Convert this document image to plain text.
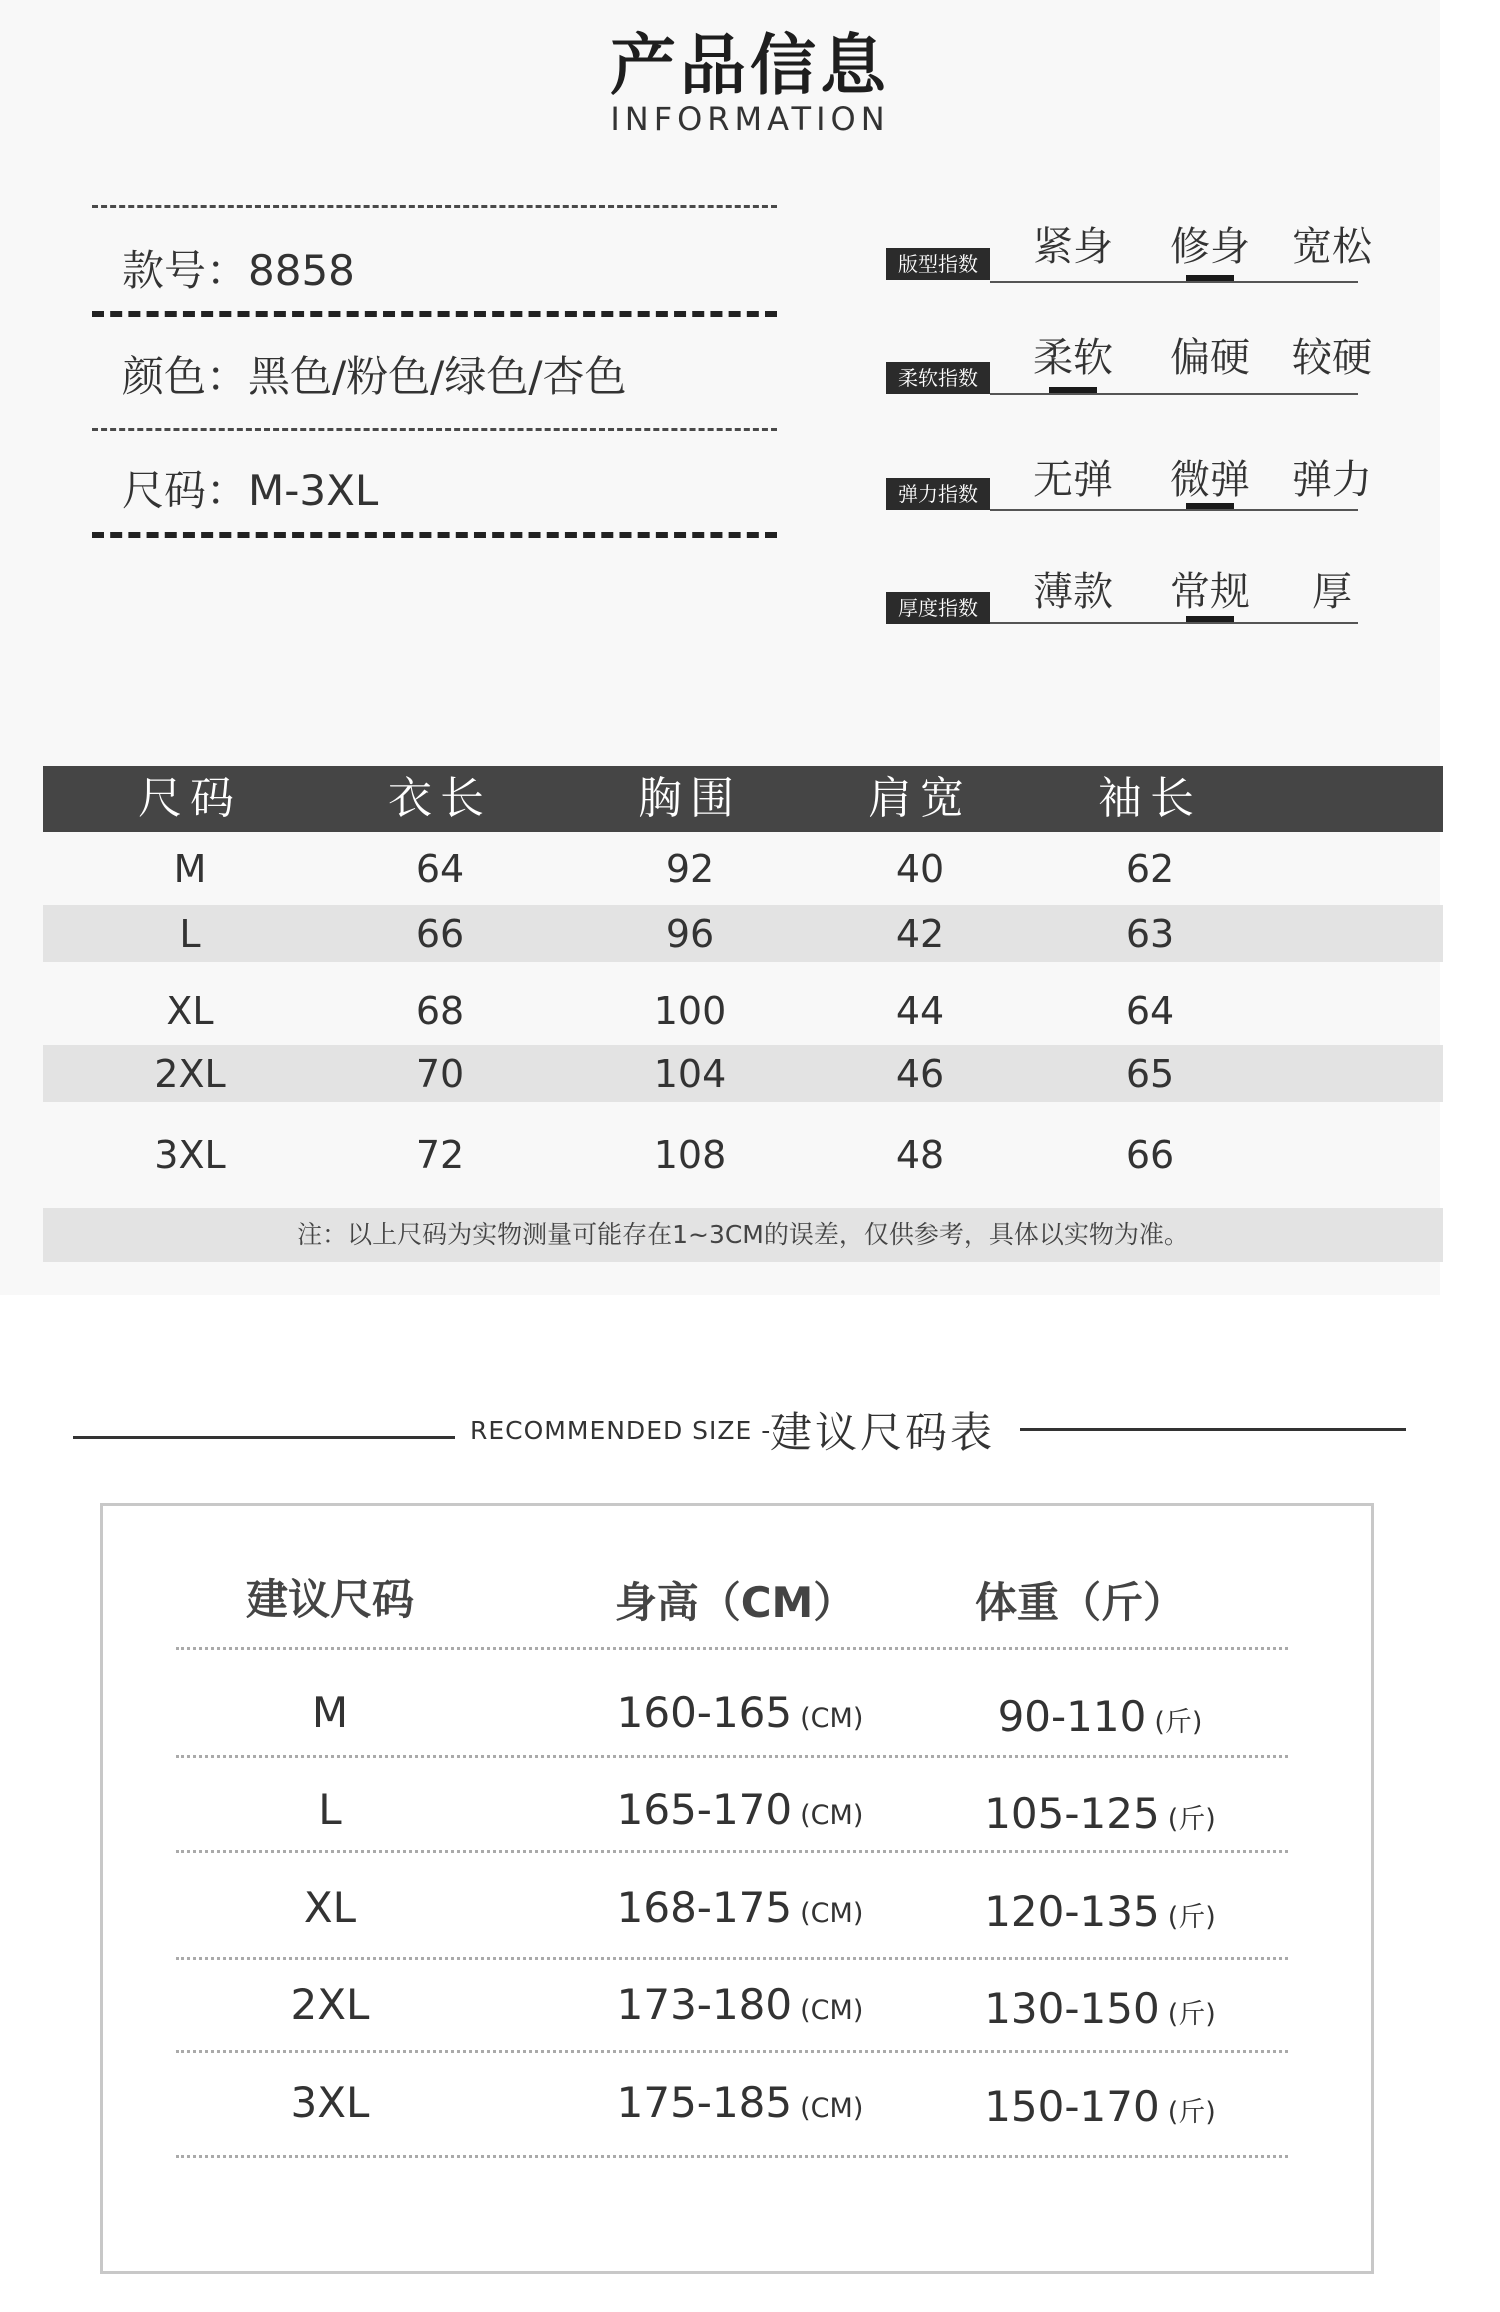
产品信息
INFORMATION
款号：8858
颜色：黑色/粉色/绿色/杏色
尺码：M-3XL
版型指数	紧身	修身	宽松
柔软指数	柔软	偏硬	较硬
弹力指数	无弹	微弹	弹力
厚度指数	薄款	常规	厚
尺码	衣长	胸围	肩宽	袖长
M	64	92	40	62
L	66	96	42	63
XL	68	100	44	64
2XL	70	104	46	65
3XL	72	108	48	66
注：以上尺码为实物测量可能存在1~3CM的误差，仅供参考，具体以实物为准。
RECOMMENDED SIZE -
建议尺码表
建议尺码	身高（CM）	体重（斤）
M	160-165 (CM)	90-110 (斤)
L	165-170 (CM)	105-125 (斤)
XL	168-175 (CM)	120-135 (斤)
2XL	173-180 (CM)	130-150 (斤)
3XL	175-185 (CM)	150-170 (斤)
